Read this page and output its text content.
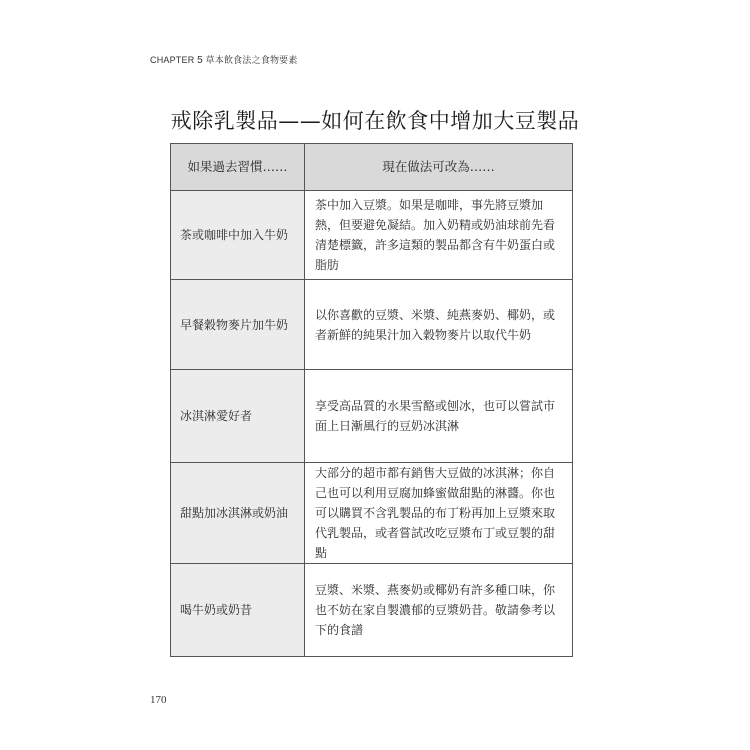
CHAPTER 5 草本飲食法之食物要素
戒除乳製品——如何在飲食中增加大豆製品
如果過去習慣……	現在做法可改為……
茶或咖啡中加入牛奶	茶中加入豆漿。如果是咖啡，事先將豆漿加熱，但要避免凝結。加入奶精或奶油球前先看清楚標籤，許多這類的製品都含有牛奶蛋白或脂肪
早餐穀物麥片加牛奶	以你喜歡的豆漿、米漿、純燕麥奶、椰奶，或者新鮮的純果汁加入穀物麥片以取代牛奶
冰淇淋愛好者	享受高品質的水果雪酪或刨冰，也可以嘗試市面上日漸風行的豆奶冰淇淋
甜點加冰淇淋或奶油	大部分的超市都有銷售大豆做的冰淇淋；你自己也可以利用豆腐加蜂蜜做甜點的淋醬。你也可以購買不含乳製品的布丁粉再加上豆漿來取代乳製品，或者嘗試改吃豆漿布丁或豆製的甜點
喝牛奶或奶昔	豆漿、米漿、燕麥奶或椰奶有許多種口味，你也不妨在家自製濃郁的豆漿奶昔。敬請參考以下的食譜
170
